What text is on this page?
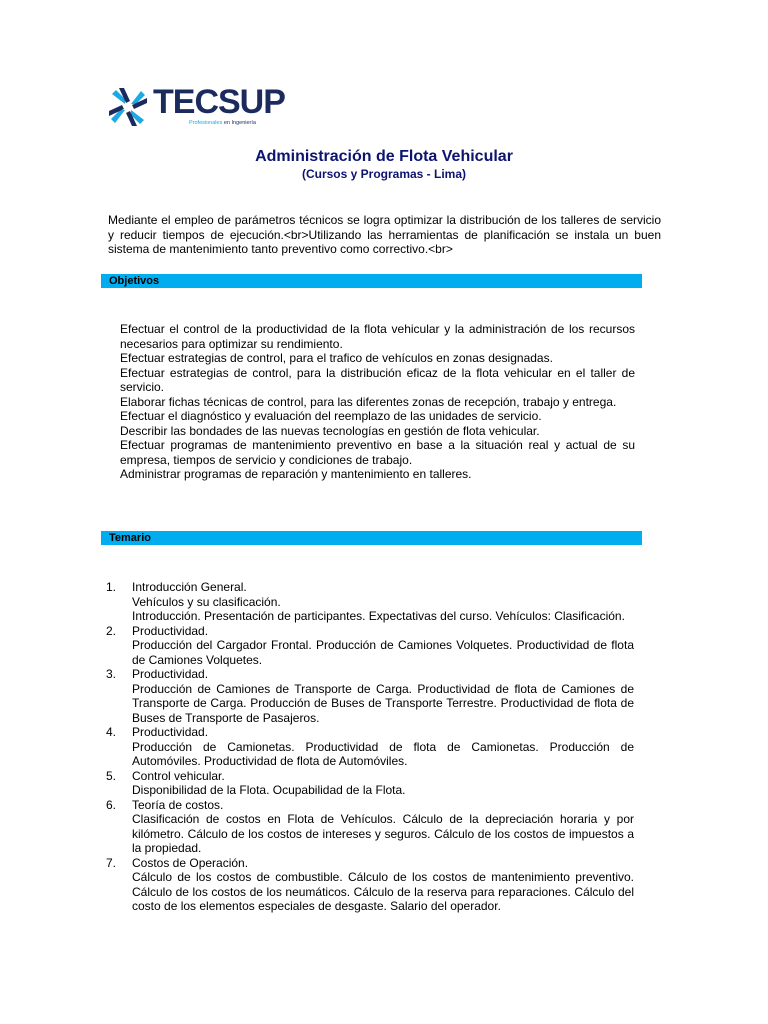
TECSUP
Profesionales en Ingeniería
Administración de Flota Vehicular
(Cursos y Programas - Lima)
Mediante el empleo de parámetros técnicos se logra optimizar la distribución de los talleres de servicio y reducir tiempos de ejecución.<br>Utilizando las herramientas de planificación se instala un buen sistema de mantenimiento tanto preventivo como correctivo.<br>
Objetivos
Efectuar el control de la productividad de la flota vehicular y la administración de los recursos necesarios para optimizar su rendimiento.
Efectuar estrategias de control, para el trafico de vehículos en zonas designadas.
Efectuar estrategias de control, para la distribución eficaz de la flota vehicular en el taller de servicio.
Elaborar fichas técnicas de control, para las diferentes zonas de recepción, trabajo y entrega.
Efectuar el diagnóstico y evaluación del reemplazo de las unidades de servicio.
Describir las bondades de las nuevas tecnologías en gestión de flota vehicular.
Efectuar programas de mantenimiento preventivo en base a la situación real y actual de su empresa, tiempos de servicio y condiciones de trabajo.
Administrar programas de reparación y mantenimiento en talleres.
Temario
1. Introducción General.
Vehículos y su clasificación.
Introducción. Presentación de participantes. Expectativas del curso. Vehículos: Clasificación.
2. Productividad.
Producción del Cargador Frontal. Producción de Camiones Volquetes. Productividad de flota de Camiones Volquetes.
3. Productividad.
Producción de Camiones de Transporte de Carga. Productividad de flota de Camiones de Transporte de Carga. Producción de Buses de Transporte Terrestre. Productividad de flota de Buses de Transporte de Pasajeros.
4. Productividad.
Producción de Camionetas. Productividad de flota de Camionetas. Producción de Automóviles. Productividad de flota de Automóviles.
5. Control vehicular.
Disponibilidad de la Flota. Ocupabilidad de la Flota.
6. Teoría de costos.
Clasificación de costos en Flota de Vehículos. Cálculo de la depreciación horaria y por kilómetro. Cálculo de los costos de intereses y seguros. Cálculo de los costos de impuestos a la propiedad.
7. Costos de Operación.
Cálculo de los costos de combustible. Cálculo de los costos de mantenimiento preventivo. Cálculo de los costos de los neumáticos. Cálculo de la reserva para reparaciones. Cálculo del costo de los elementos especiales de desgaste. Salario del operador.
